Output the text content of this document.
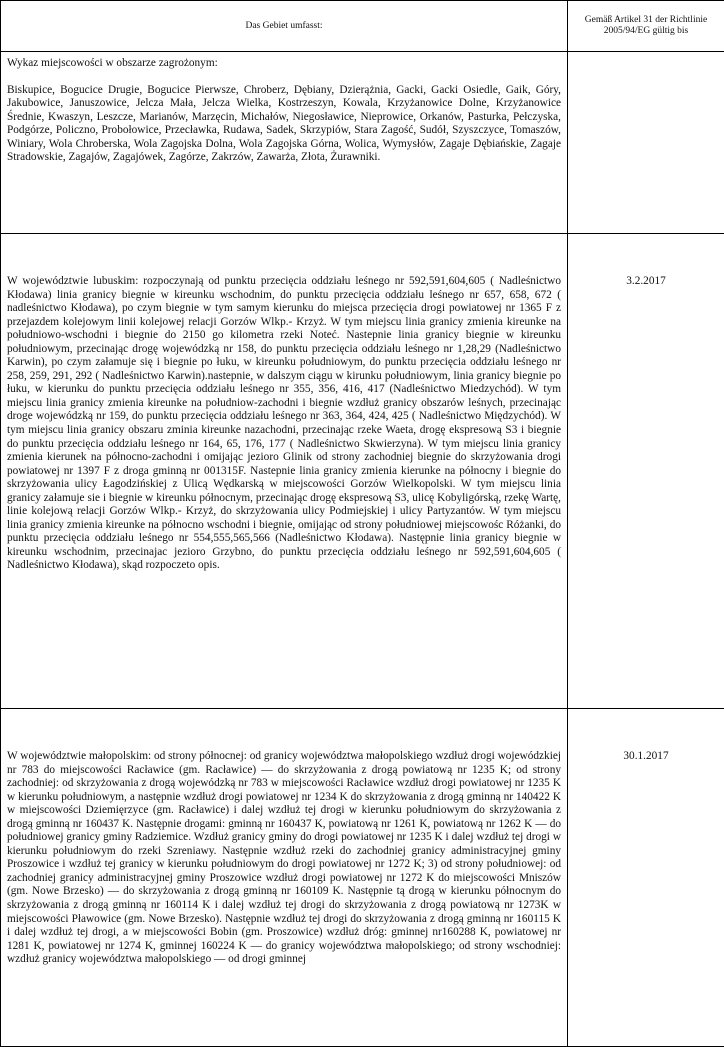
Das Gebiet umfasst:	Gemäß Artikel 31 der Richtlinie 2005/94/EG gültig bis

Wykaz miejscowości w obszarze zagrożonym:

Biskupice, Bogucice Drugie, Bogucice Pierwsze, Chroberz, Dębiany, Dzierążnia, Gacki, Gacki Osiedle, Gaik, Góry, Jakubowice, Januszowice, Jelcza Mała, Jelcza Wielka, Kostrzeszyn, Kowala, Krzyżanowice Dolne, Krzyżanowice Średnie, Kwaszyn, Leszcze, Marianów, Marzęcin, Michałów, Niegosławice, Nieprowice, Orkanów, Pasturka, Pełczyska, Podgórze, Policzno, Probołowice, Przecławka, Rudawa, Sadek, Skrzypiów, Stara Zagość, Sudół, Szyszczyce, Tomaszów, Winiary, Wola Chroberska, Wola Zagojska Dolna, Wola Zagojska Górna, Wolica, Wymysłów, Zagaje Dębiańskie, Zagaje Stradowskie, Zagajów, Zagajówek, Zagórze, Zakrzów, Zawarża, Złota, Żurawniki.	

W województwie lubuskim: rozpoczynają od punktu przecięcia oddziału leśnego nr 592,591,604,605 ( Nadleśnictwo Kłodawa) linia granicy biegnie w kireunku wschodnim, do punktu przecięcia oddziału leśnego nr 657, 658, 672 ( nadleśnictwo Kłodawa), po czym biegnie w tym samym kierunku do miejsca przecięcia drogi powiatowej nr 1365 F z przejazdem kolejowym linii kolejowej relacji Gorzów Wlkp.- Krzyż. W tym miejscu linia granicy zmienia kireunke na południowo-wschodni i biegnie do 2150 go kilometra rzeki Noteć. Nastepnie linia granicy biegnie w kireunku południowym, przecinając drogę wojewódzką nr 158, do punktu przecięcia oddziału leśnego nr 1,28,29 (Nadleśnictwo Karwin), po czym załamuje się i biegnie po łuku, w kireunku południowym, do punktu przecięcia oddziału leśnego nr 258, 259, 291, 292 ( Nadleśnictwo Karwin).nastepnie, w dalszym ciągu w kirunku południowym, linia granicy biegnie po łuku, w kierunku do punktu przecięcia oddziału leśnego nr 355, 356, 416, 417 (Nadleśnictwo Miedzychód). W tym miejscu linia granicy zmienia kireunke na południow-zachodni i biegnie wzdłuż granicy obszarów leśnych, przecinając droge wojewódzką nr 159, do punktu przecięcia oddziału leśnego nr 363, 364, 424, 425 ( Nadleśnictwo Międzychód). W tym miejscu linia granicy obszaru zminia kireunke nazachodni, przecinając rzeke Waeta, drogę ekspresową S3 i biegnie do punktu przecięcia oddziału leśnego nr 164, 65, 176, 177 ( Nadleśnictwo Skwierzyna). W tym miejscu linia granicy zmienia kierunek na północno-zachodni i omijając jezioro Glinik od strony zachodniej biegnie do skrzyżowania drogi powiatowej nr 1397 F z droga gminną nr 001315F. Nastepnie linia granicy zmienia kierunke na północny i biegnie do skrzyżowania ulicy Łagodzińskiej z Ulicą Wędkarską w miejscowości Gorzów Wielkopolski. W tym miejscu linia granicy załamuje sie i biegnie w kireunku północnym, przecinając drogę ekspresową S3, ulicę Kobyligórską, rzekę Wartę, linie kolejową relacji Gorzów Wlkp.- Krzyż, do skrzyżowania ulicy Podmiejskiej i ulicy Partyzantów. W tym miejscu linia granicy zmienia kireunke na północno wschodni i biegnie, omijając od strony południowej miejscowośc Różanki, do punktu przecięcia oddziału leśnego nr 554,555,565,566 (Nadleśnictwo Kłodawa). Następnie linia granicy biegnie w kireunku wschodnim, przecinajac jezioro Grzybno, do punktu przecięcia oddziału leśnego nr 592,591,604,605 ( Nadleśnictwo Kłodawa), skąd rozpoczeto opis.	3.2.2017

W województwie małopolskim: od strony północnej: od granicy województwa małopolskiego wzdłuż drogi wojewódzkiej nr 783 do miejscowości Racławice (gm. Racławice) — do skrzyżowania z drogą powiatową nr 1235 K; od strony zachodniej: od skrzyżowania z drogą wojewódzką nr 783 w miejscowości Racławice wzdłuż drogi powiatowej nr 1235 K w kierunku południowym, a następnie wzdłuż drogi powiatowej nr 1234 K do skrzyżowania z drogą gminną nr 140422 K w miejscowości Dziemięrzyce (gm. Racławice) i dalej wzdłuż tej drogi w kierunku południowym do skrzyżowania z drogą gminną nr 160437 K. Następnie drogami: gminną nr 160437 K, powiatową nr 1261 K, powiatową nr 1262 K — do południowej granicy gminy Radziemice. Wzdłuż granicy gminy do drogi powiatowej nr 1235 K i dalej wzdłuż tej drogi w kierunku południowym do rzeki Szreniawy. Następnie wzdłuż rzeki do zachodniej granicy administracyjnej gminy Proszowice i wzdłuż tej granicy w kierunku południowym do drogi powiatowej nr 1272 K; 3) od strony południowej: od zachodniej granicy administracyjnej gminy Proszowice wzdłuż drogi powiatowej nr 1272 K do miejscowości Mniszów (gm. Nowe Brzesko) — do skrzyżowania z drogą gminną nr 160109 K. Następnie tą drogą w kierunku północnym do skrzyżowania z drogą gminną nr 160114 K i dalej wzdłuż tej drogi do skrzyżowania z drogą powiatową nr 1273K w miejscowości Pławowice (gm. Nowe Brzesko). Następnie wzdłuż tej drogi do skrzyżowania z drogą gminną nr 160115 K i dalej wzdłuż tej drogi, a w miejscowości Bobin (gm. Proszowice) wzdłuż dróg: gminnej nr160288 K, powiatowej nr 1281 K, powiatowej nr 1274 K, gminnej 160224 K — do granicy województwa małopolskiego; od strony wschodniej: wzdłuż granicy województwa małopolskiego — od drogi gminnej	30.1.2017
